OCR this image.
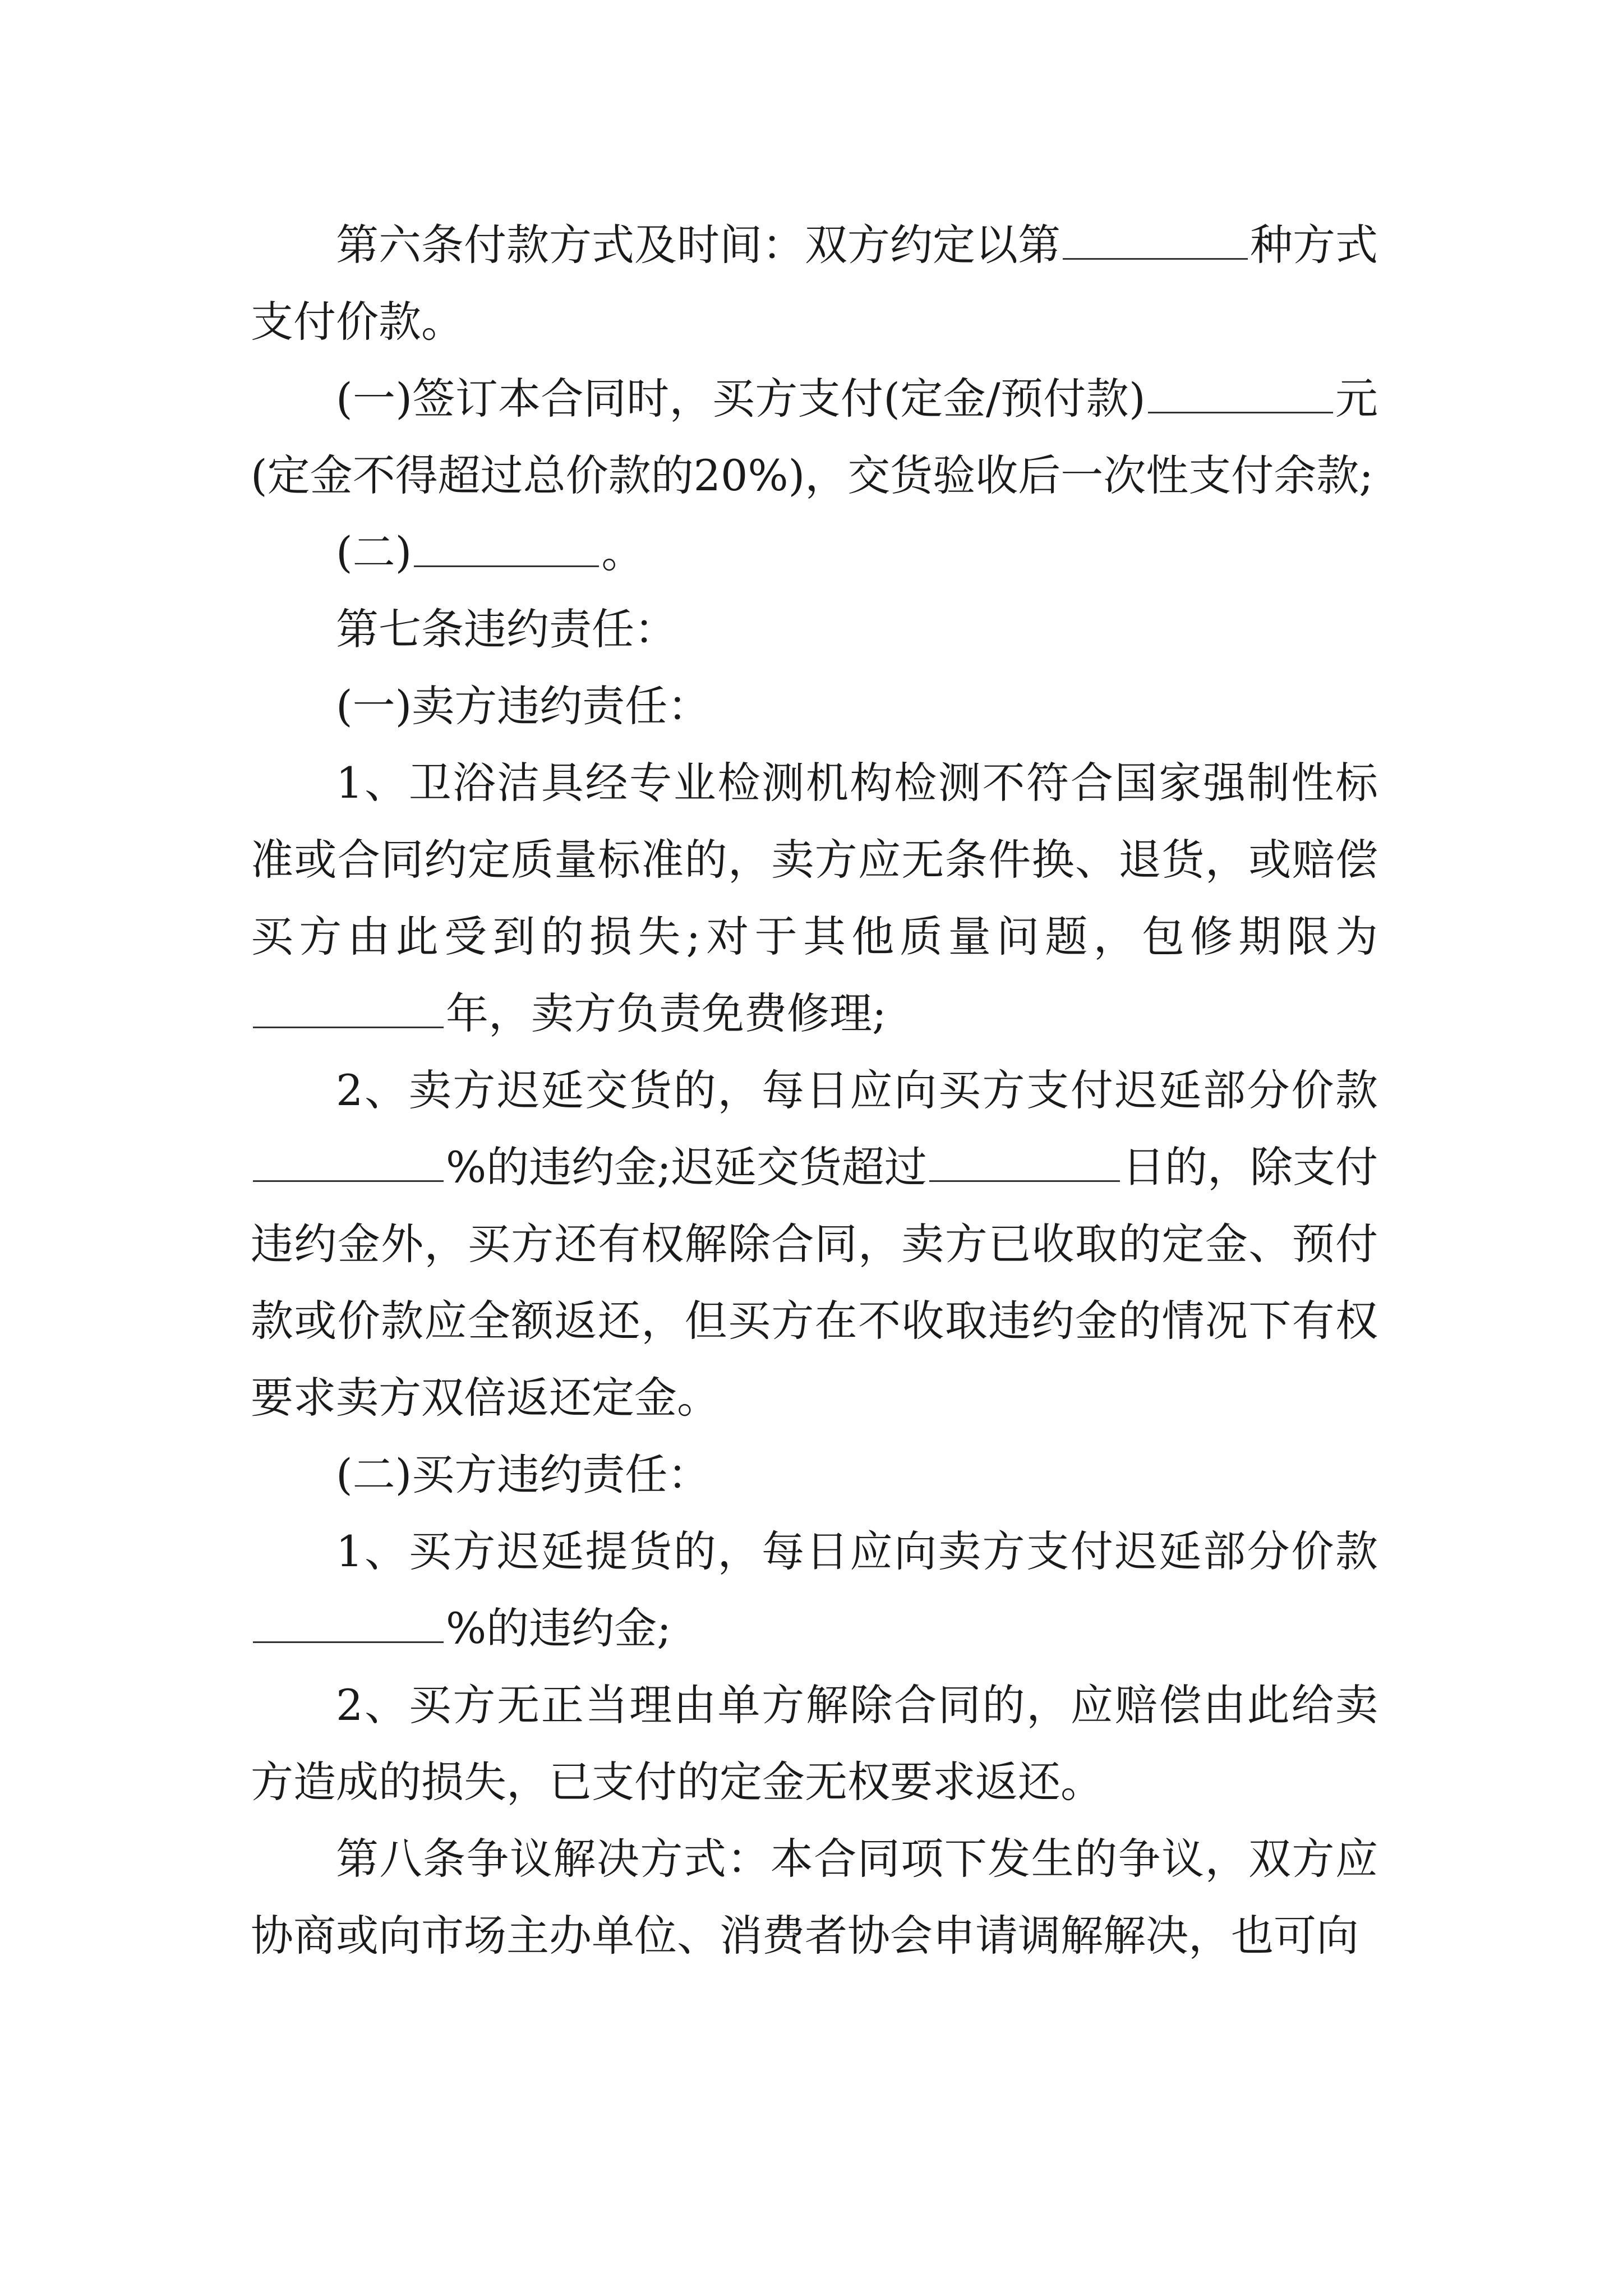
第六条付款方式及时间：双方约定以第	种方式支付价款。

(一)签订本合同时，买方支付(定金/预付款)	元(定金不得超过总价款的20%)，交货验收后一次性支付余款;

(二)	。

第七条违约责任：

(一)卖方违约责任：

1、卫浴洁具经专业检测机构检测不符合国家强制性标准或合同约定质量标准的，卖方应无条件换、退货，或赔偿买方由此受到的损失;对于其他质量问题，包修期限为年，卖方负责免费修理;

2、卖方迟延交货的，每日应向买方支付迟延部分价款%的违约金;迟延交货超过	日的，除支付违约金外，买方还有权解除合同，卖方已收取的定金、预付款或价款应全额返还，但买方在不收取违约金的情况下有权要求卖方双倍返还定金。

(二)买方违约责任：

1、买方迟延提货的，每日应向卖方支付迟延部分价款%的违约金;

2、买方无正当理由单方解除合同的，应赔偿由此给卖方造成的损失，已支付的定金无权要求返还。

第八条争议解决方式：本合同项下发生的争议，双方应协商或向市场主办单位、消费者协会申请调解解决，也可向
